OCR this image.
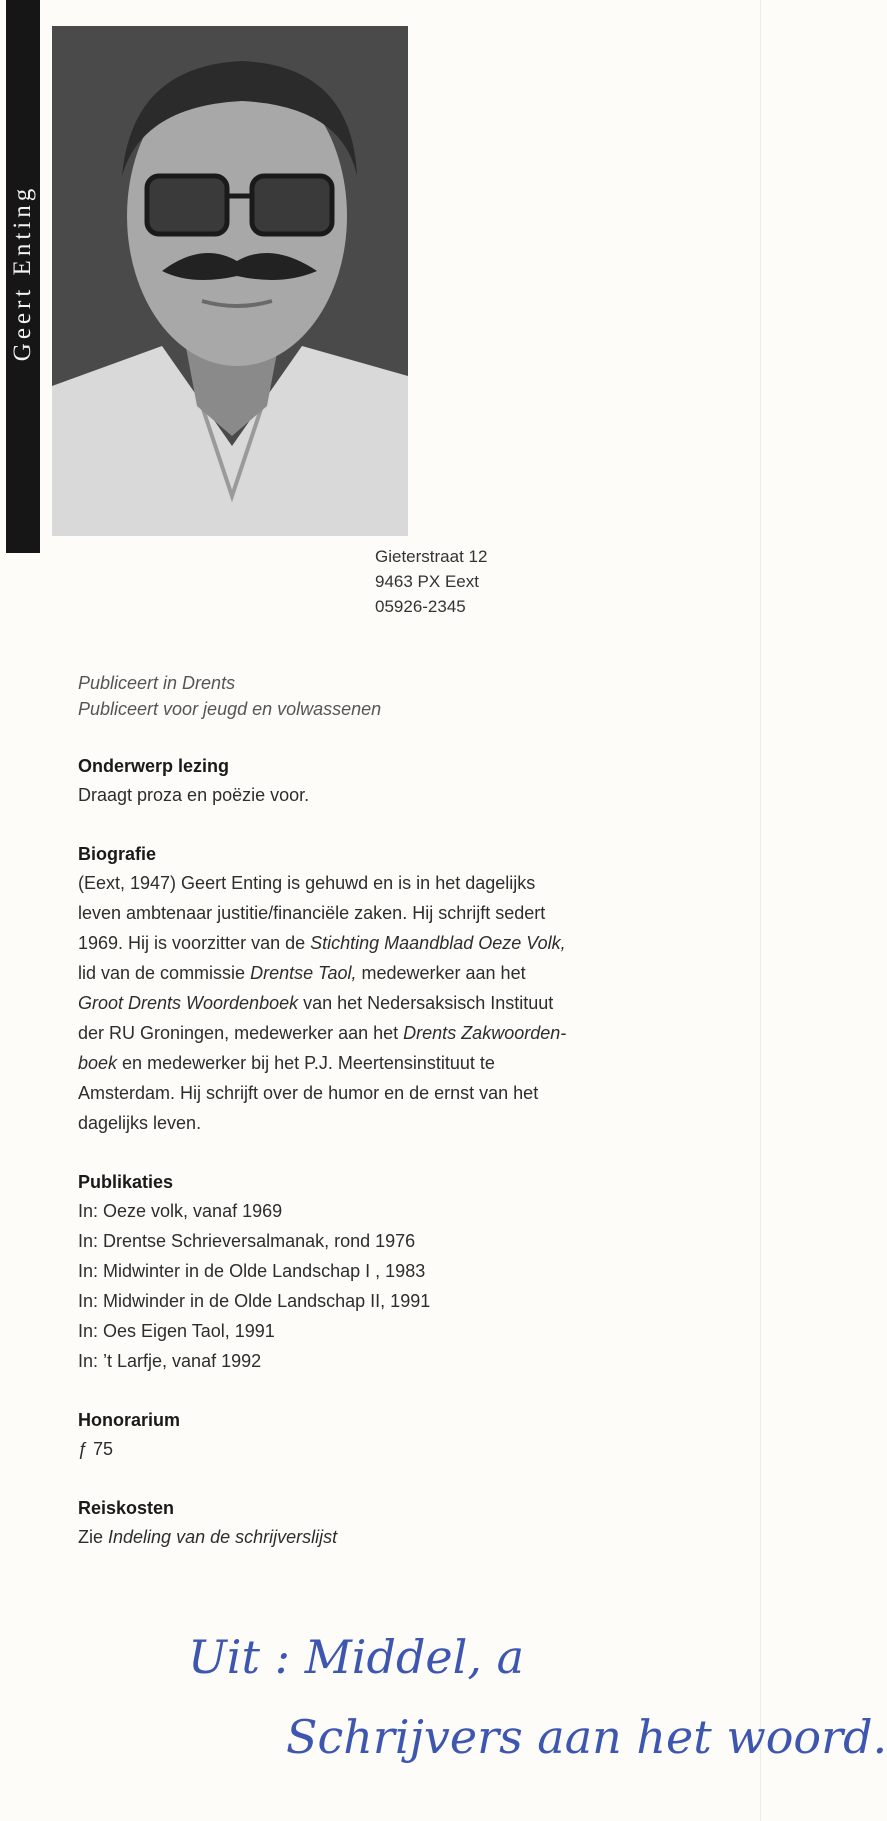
Geert Enting
Gieterstraat 12
9463 PX Eext
05926-2345
Publiceert in Drents
Publiceert voor jeugd en volwassenen
Onderwerp lezing
Draagt proza en poëzie voor.
Biografie
(Eext, 1947) Geert Enting is gehuwd en is in het dagelijks
leven ambtenaar justitie/financiële zaken. Hij schrijft sedert
1969. Hij is voorzitter van de Stichting Maandblad Oeze Volk,
lid van de commissie Drentse Taol, medewerker aan het
Groot Drents Woordenboek van het Nedersaksisch Instituut
der RU Groningen, medewerker aan het Drents Zakwoorden-
boek en medewerker bij het P.J. Meertensinstituut te
Amsterdam. Hij schrijft over de humor en de ernst van het
dagelijks leven.
Publikaties
In: Oeze volk, vanaf 1969
In: Drentse Schrieversalmanak, rond 1976
In: Midwinter in de Olde Landschap I , 1983
In: Midwinder in de Olde Landschap II, 1991
In: Oes Eigen Taol, 1991
In: ’t Larfje, vanaf 1992
Honorarium
ƒ 75
Reiskosten
Zie Indeling van de schrijverslijst
Uit : Middel, a
Schrijvers aan het woord.
